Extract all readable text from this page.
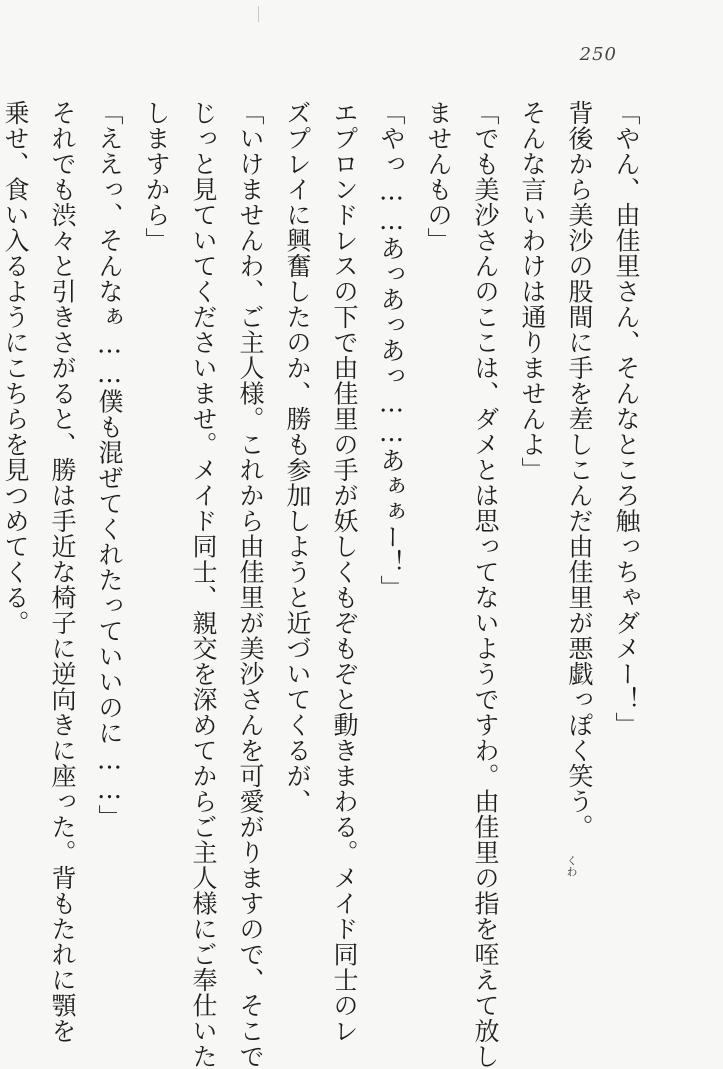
250
「やん、由佳里さん、そんなところ触っちゃダメー！」
背後から美沙の股間に手を差しこんだ由佳里が悪戯っぽく笑う。
そんな言いわけは通りませんよ」
「でも美沙さんのここは、ダメとは思ってないようですわ。由佳里の指を咥えて放し
ませんもの」
「やっ……あっあっあっ……あぁぁー！」
エプロンドレスの下で由佳里の手が妖しくもぞもぞと動きまわる。メイド同士のレ
ズプレイに興奮したのか、勝も参加しようと近づいてくるが、
「いけませんわ、ご主人様。これから由佳里が美沙さんを可愛がりますので、そこで
じっと見ていてくださいませ。メイド同士、親交を深めてからご主人様にご奉仕いた
しますから」
「ええっ、そんなぁ……僕も混ぜてくれたっていいのに……」
それでも渋々と引きさがると、勝は手近な椅子に逆向きに座った。背もたれに顎を
乗せ、食い入るようにこちらを見つめてくる。
くわ
